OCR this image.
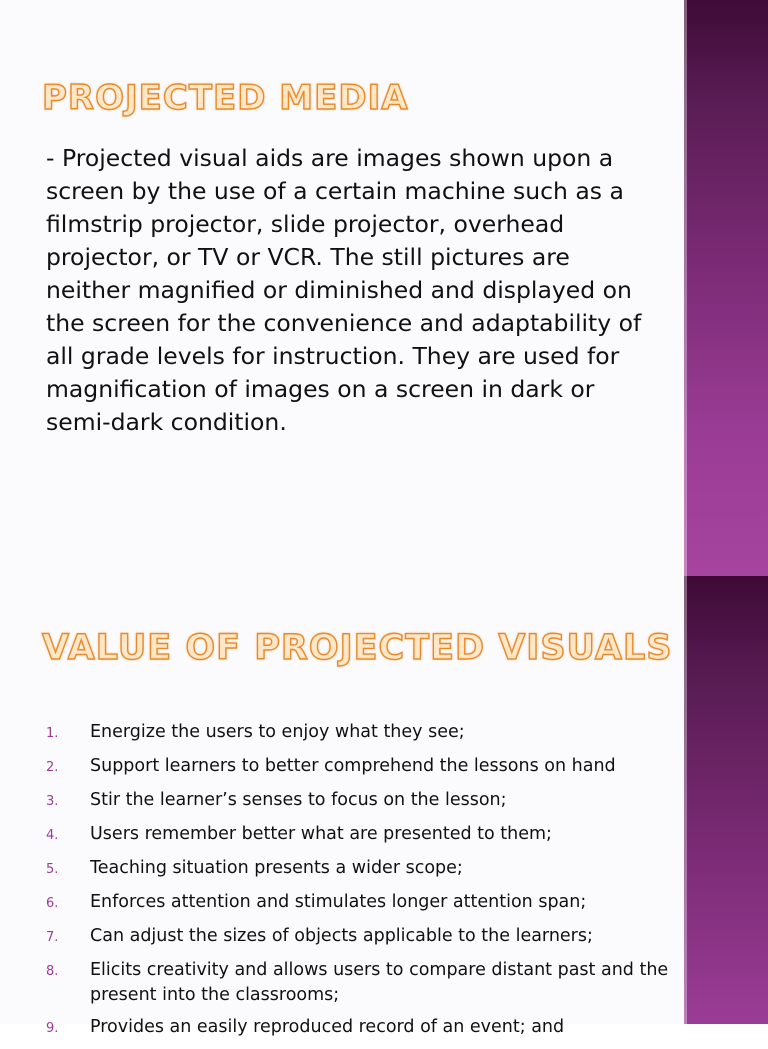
PROJECTED MEDIA

- Projected visual aids are images shown upon a screen by the use of a certain machine such as a filmstrip projector, slide projector, overhead projector, or TV or VCR. The still pictures are neither magnified or diminished and displayed on the screen for the convenience and adaptability of all grade levels for instruction. They are used for magnification of images on a screen in dark or semi-dark condition.

VALUE OF PROJECTED VISUALS
1.	Energize the users to enjoy what they see;
2.	Support learners to better comprehend the lessons on hand
3.	Stir the learner’s senses to focus on the lesson;
4.	Users remember better what are presented to them;
5.	Teaching situation presents a wider scope;
6.	Enforces attention and stimulates longer attention span;
7.	Can adjust the sizes of objects applicable to the learners;
8.	Elicits creativity and allows users to compare distant past and the present into the classrooms;
9.	Provides an easily reproduced record of an event; and
